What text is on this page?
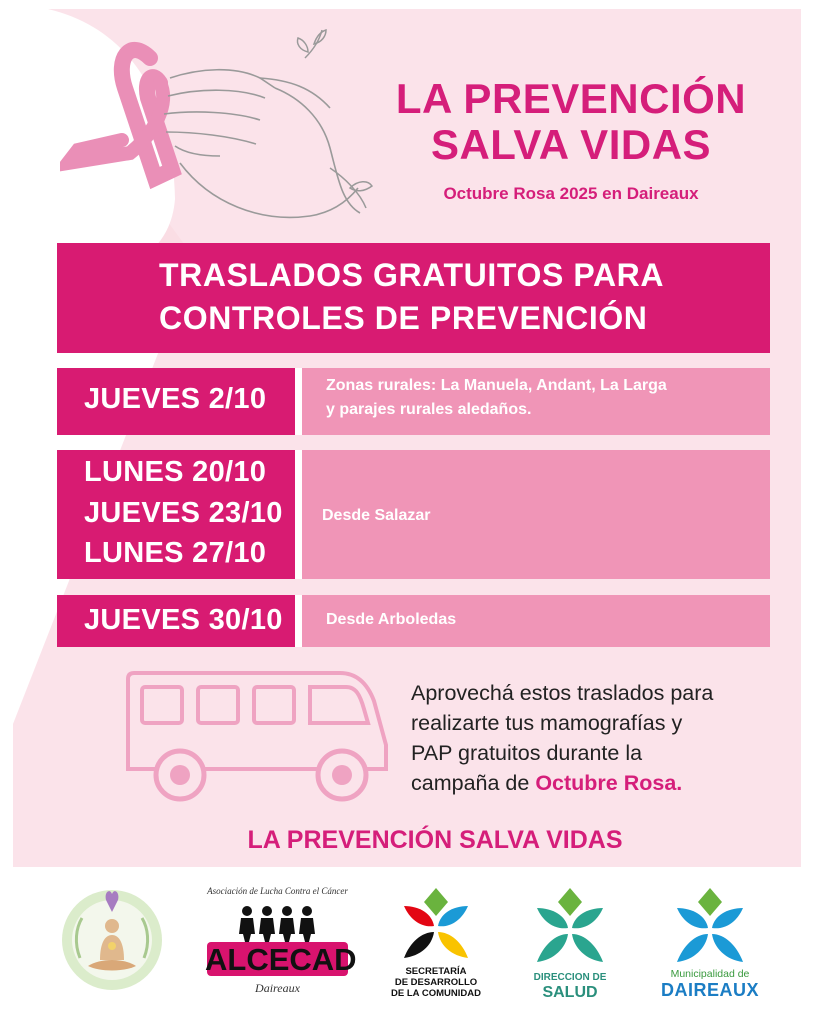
LA PREVENCIÓN
SALVA VIDAS
Octubre Rosa 2025 en Daireaux
TRASLADOS GRATUITOS PARA
CONTROLES DE PREVENCIÓN
JUEVES 2/10	Zonas rurales: La Manuela, Andant, La Larga
y parajes rurales aledaños.
LUNES 20/10
JUEVES 23/10
LUNES 27/10
Desde Salazar
JUEVES 30/10	Desde Arboledas
Aprovechá estos traslados para
realizarte tus mamografías y
PAP gratuitos durante la
campaña de Octubre Rosa.
LA PREVENCIÓN SALVA VIDAS
Asociación de Lucha Contra el Cáncer
ALCECAD
Daireaux
SECRETARÍA
DE DESARROLLO
DE LA COMUNIDAD
DIRECCION DE
SALUD
Municipalidad de
DAIREAUX
